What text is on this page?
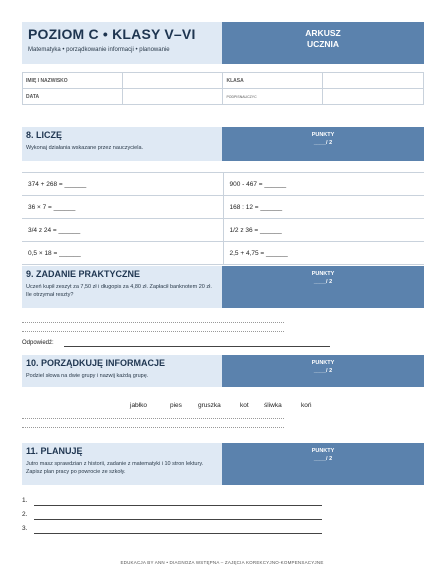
POZIOM C • KLASY V–VI
Matematyka • porządkowanie informacji • planowanie
ARKUSZ
UCZNIA
IMIĘ I NAZWISKO		KLASA	
DATA		PODPISNAUCZYC	
8. LICZĘ
Wykonaj działania wskazane przez nauczyciela.
PUNKTY
____/ 2
374 + 268 = ______	900 - 467 = ______
36 × 7 = ______	168 : 12 = ______
3/4 z 24 = ______	1/2 z 36 = ______
0,5 × 18 = ______	2,5 + 4,75 = ______
9. ZADANIE PRAKTYCZNE
Uczeń kupił zeszyt za 7,50 zł i długopis za 4,80 zł. Zapłacił banknotem 20 zł. Ile otrzymał reszty?
PUNKTY
____/ 2
Odpowiedź:
10. PORZĄDKUJĘ INFORMACJE
Podziel słowa na dwie grupy i nazwij każdą grupę.
PUNKTY
____/ 2
jabłko	pies gruszka	kot śliwka	koń
11. PLANUJĘ
Jutro masz sprawdzian z historii, zadanie z matematyki i 10 stron lektury. Zapisz plan pracy po powrocie ze szkoły.
PUNKTY
____/ 2
1.
2.
3.
EDUKACJA BY ANN • DIAGNOZA WSTĘPNA – ZAJĘCIA KOREKCYJNO-KOMPENSACYJNE
